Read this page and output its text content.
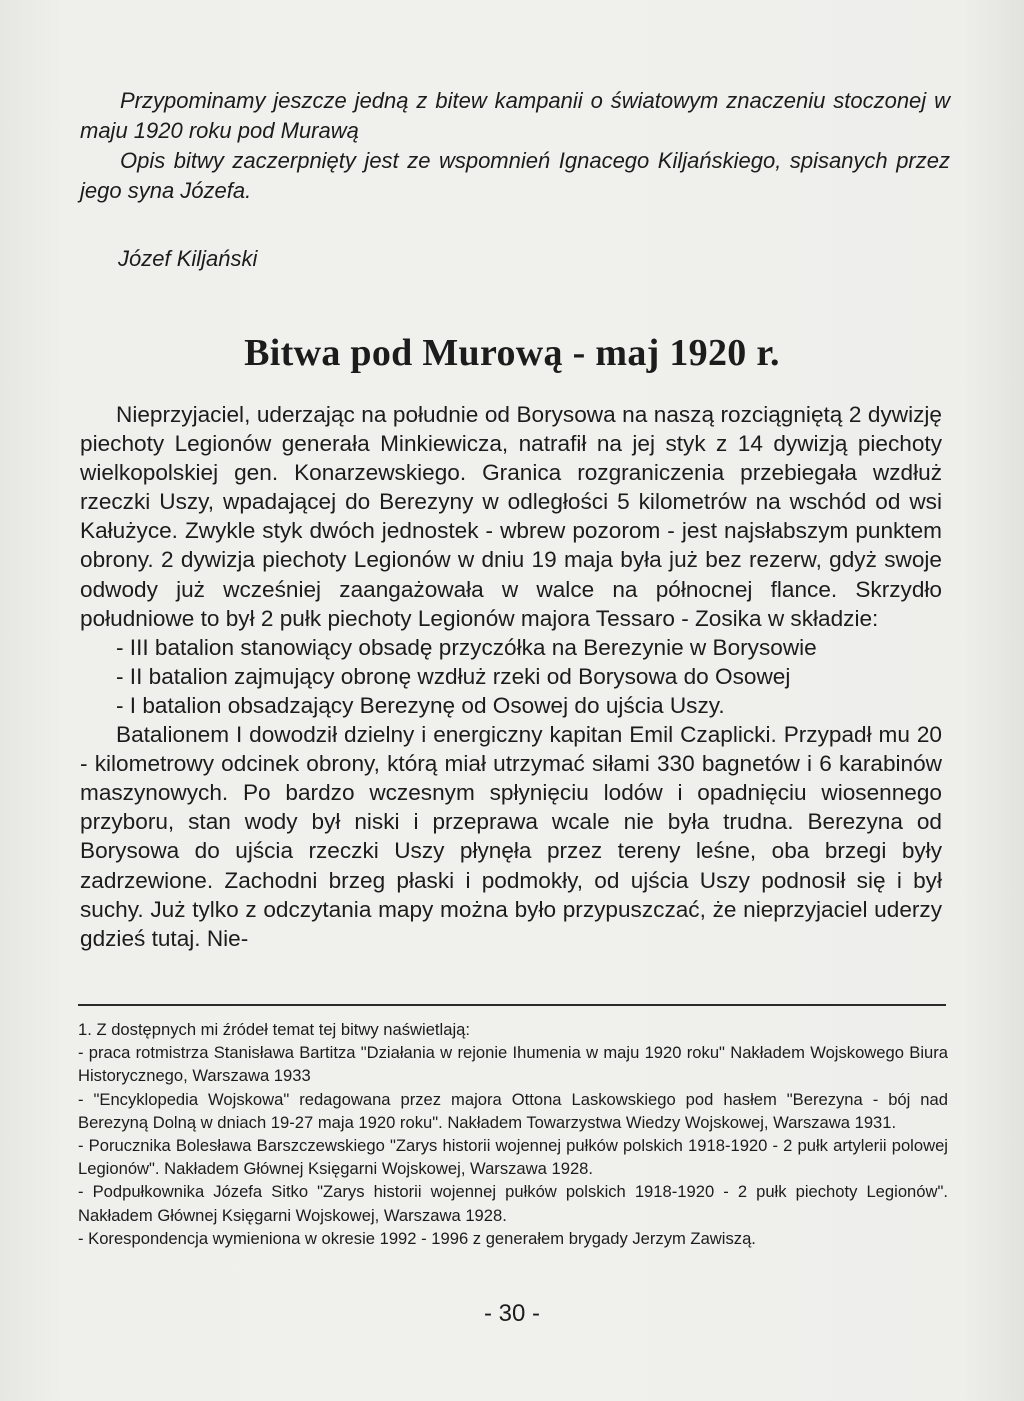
Przypominamy jeszcze jedną z bitew kampanii o światowym znaczeniu stoczonej w maju 1920 roku pod Murawą

Opis bitwy zaczerpnięty jest ze wspomnień Ignacego Kiljańskiego, spisanych przez jego syna Józefa.

Józef Kiljański
Bitwa pod Murową - maj 1920 r.

Nieprzyjaciel, uderzając na południe od Borysowa na naszą rozciągniętą 2 dywizję piechoty Legionów generała Minkiewicza, natrafił na jej styk z 14 dywizją piechoty wielkopolskiej gen. Konarzewskiego. Granica rozgraniczenia przebiegała wzdłuż rzeczki Uszy, wpadającej do Berezyny w odległości 5 kilometrów na wschód od wsi Kałużyce. Zwykle styk dwóch jednostek - wbrew pozorom - jest najsłabszym punktem obrony. 2 dywizja piechoty Legionów w dniu 19 maja była już bez rezerw, gdyż swoje odwody już wcześniej zaangażowała w walce na północnej flance. Skrzydło południowe to był 2 pułk piechoty Legionów majora Tessaro - Zosika w składzie:

- III batalion stanowiący obsadę przyczółka na Berezynie w Borysowie

- II batalion zajmujący obronę wzdłuż rzeki od Borysowa do Osowej

- I batalion obsadzający Berezynę od Osowej do ujścia Uszy.

Batalionem I dowodził dzielny i energiczny kapitan Emil Czaplicki. Przypadł mu 20 - kilometrowy odcinek obrony, którą miał utrzymać siłami 330 bagnetów i 6 karabinów maszynowych. Po bardzo wczesnym spłynięciu lodów i opadnięciu wiosennego przyboru, stan wody był niski i przeprawa wcale nie była trudna. Berezyna od Borysowa do ujścia rzeczki Uszy płynęła przez tereny leśne, oba brzegi były zadrzewione. Zachodni brzeg płaski i podmokły, od ujścia Uszy podnosił się i był suchy. Już tylko z odczytania mapy można było przypuszczać, że nieprzyjaciel uderzy gdzieś tutaj. Nie-

1. Z dostępnych mi źródeł temat tej bitwy naświetlają:

- praca rotmistrza Stanisława Bartitza "Działania w rejonie Ihumenia w maju 1920 roku" Nakładem Wojskowego Biura Historycznego, Warszawa 1933

- "Encyklopedia Wojskowa" redagowana przez majora Ottona Laskowskiego pod hasłem "Berezyna - bój nad Berezyną Dolną w dniach 19-27 maja 1920 roku". Nakładem Towarzystwa Wiedzy Wojskowej, Warszawa 1931.

- Porucznika Bolesława Barszczewskiego "Zarys historii wojennej pułków polskich 1918-1920 - 2 pułk artylerii polowej Legionów". Nakładem Głównej Księgarni Wojskowej, Warszawa 1928.

- Podpułkownika Józefa Sitko "Zarys historii wojennej pułków polskich 1918-1920 - 2 pułk piechoty Legionów". Nakładem Głównej Księgarni Wojskowej, Warszawa 1928.

- Korespondencja wymieniona w okresie 1992 - 1996 z generałem brygady Jerzym Zawiszą.

- 30 -
